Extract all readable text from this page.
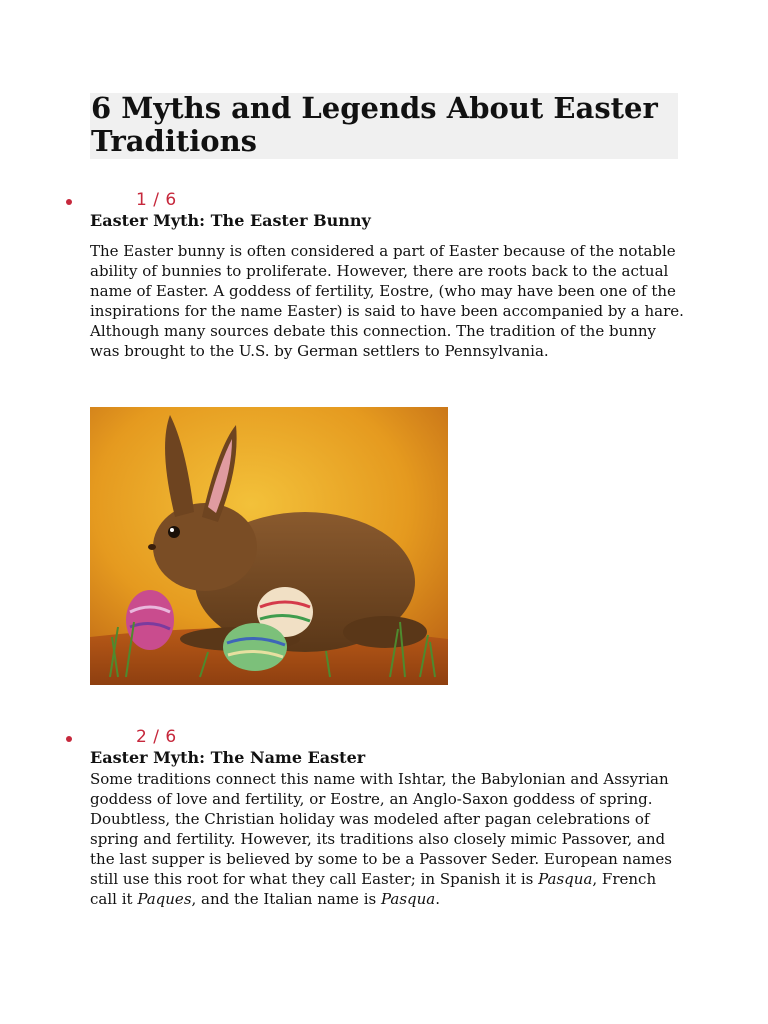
6 Myths and Legends About Easter Traditions
1 / 6
Easter Myth: The Easter Bunny

The Easter bunny is often considered a part of Easter because of the notable ability of bunnies to proliferate. However, there are roots back to the actual name of Easter. A goddess of fertility, Eostre, (who may have been one of the inspirations for the name Easter) is said to have been accompanied by a hare. Although many sources debate this connection. The tradition of the bunny was brought to the U.S. by German settlers to Pennsylvania.

2 / 6
Easter Myth: The Name Easter

Some traditions connect this name with Ishtar, the Babylonian and Assyrian goddess of love and fertility, or Eostre, an Anglo-Saxon goddess of spring. Doubtless, the Christian holiday was modeled after pagan celebrations of spring and fertility. However, its traditions also closely mimic Passover, and the last supper is believed by some to be a Passover Seder. European names still use this root for what they call Easter; in Spanish it is Pasqua, French call it Paques, and the Italian name is Pasqua.
